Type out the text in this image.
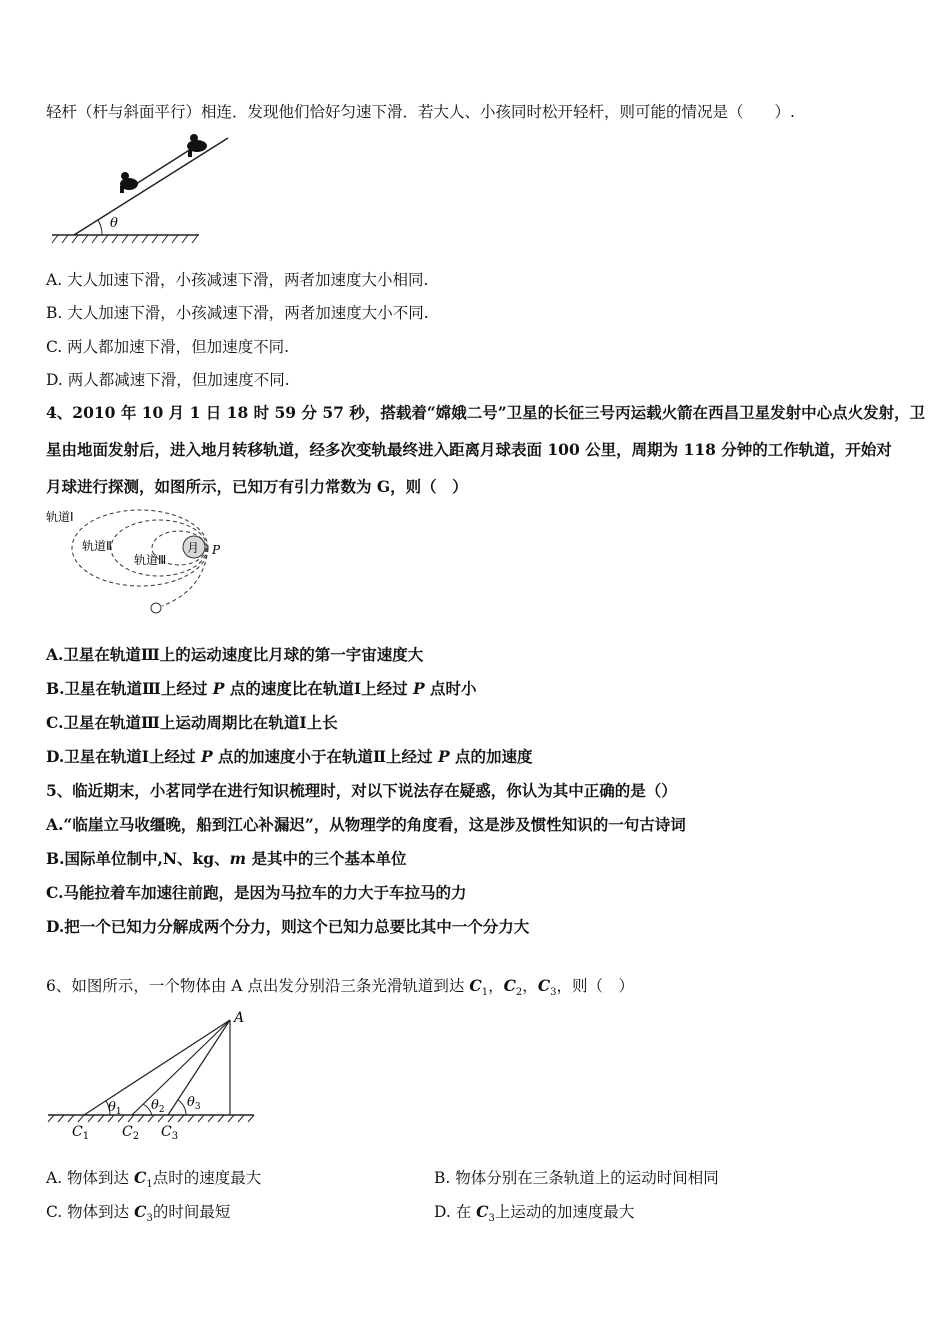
轻杆（杆与斜面平行）相连．发现他们恰好匀速下滑．若大人、小孩同时松开轻杆，则可能的情况是（　　）.
θ
A. 大人加速下滑，小孩减速下滑，两者加速度大小相同.
B. 大人加速下滑，小孩减速下滑，两者加速度大小不同.
C. 两人都加速下滑，但加速度不同.
D. 两人都减速下滑，但加速度不同.
4、2010 年 10 月 1 日 18 时 59 分 57 秒，搭载着“嫦娥二号”卫星的长征三号丙运载火箭在西昌卫星发射中心点火发射，卫
星由地面发射后，进入地月转移轨道，经多次变轨最终进入距离月球表面 100 公里，周期为 118 分钟的工作轨道，开始对
月球进行探测，如图所示，已知万有引力常数为 G，则（　）
月
轨道Ⅰ
轨道Ⅱ
轨道Ⅲ
P
A.卫星在轨道Ⅲ上的运动速度比月球的第一宇宙速度大
B.卫星在轨道Ⅲ上经过 P 点的速度比在轨道Ⅰ上经过 P 点时小
C.卫星在轨道Ⅲ上运动周期比在轨道Ⅰ上长
D.卫星在轨道Ⅰ上经过 P 点的加速度小于在轨道Ⅱ上经过 P 点的加速度
5、临近期末，小茗同学在进行知识梳理时，对以下说法存在疑惑，你认为其中正确的是（）
A.“临崖立马收缰晚，船到江心补漏迟”，从物理学的角度看，这是涉及惯性知识的一句古诗词
B.国际单位制中,N、kg、m 是其中的三个基本单位
C.马能拉着车加速往前跑，是因为马拉车的力大于车拉马的力
D.把一个已知力分解成两个分力，则这个已知力总要比其中一个分力大
6、如图所示，一个物体由 A 点出发分别沿三条光滑轨道到达 $C_1$，$C_2$，$C_3$，则（　）
A
$\theta_1$ $\theta_2$ $\theta_3$
$C_1$ $C_2$ $C_3$
A. 物体到达 $C_1$点时的速度最大	B. 物体分别在三条轨道上的运动时间相同
C. 物体到达 $C_3$的时间最短	D. 在 $C_3$上运动的加速度最大
